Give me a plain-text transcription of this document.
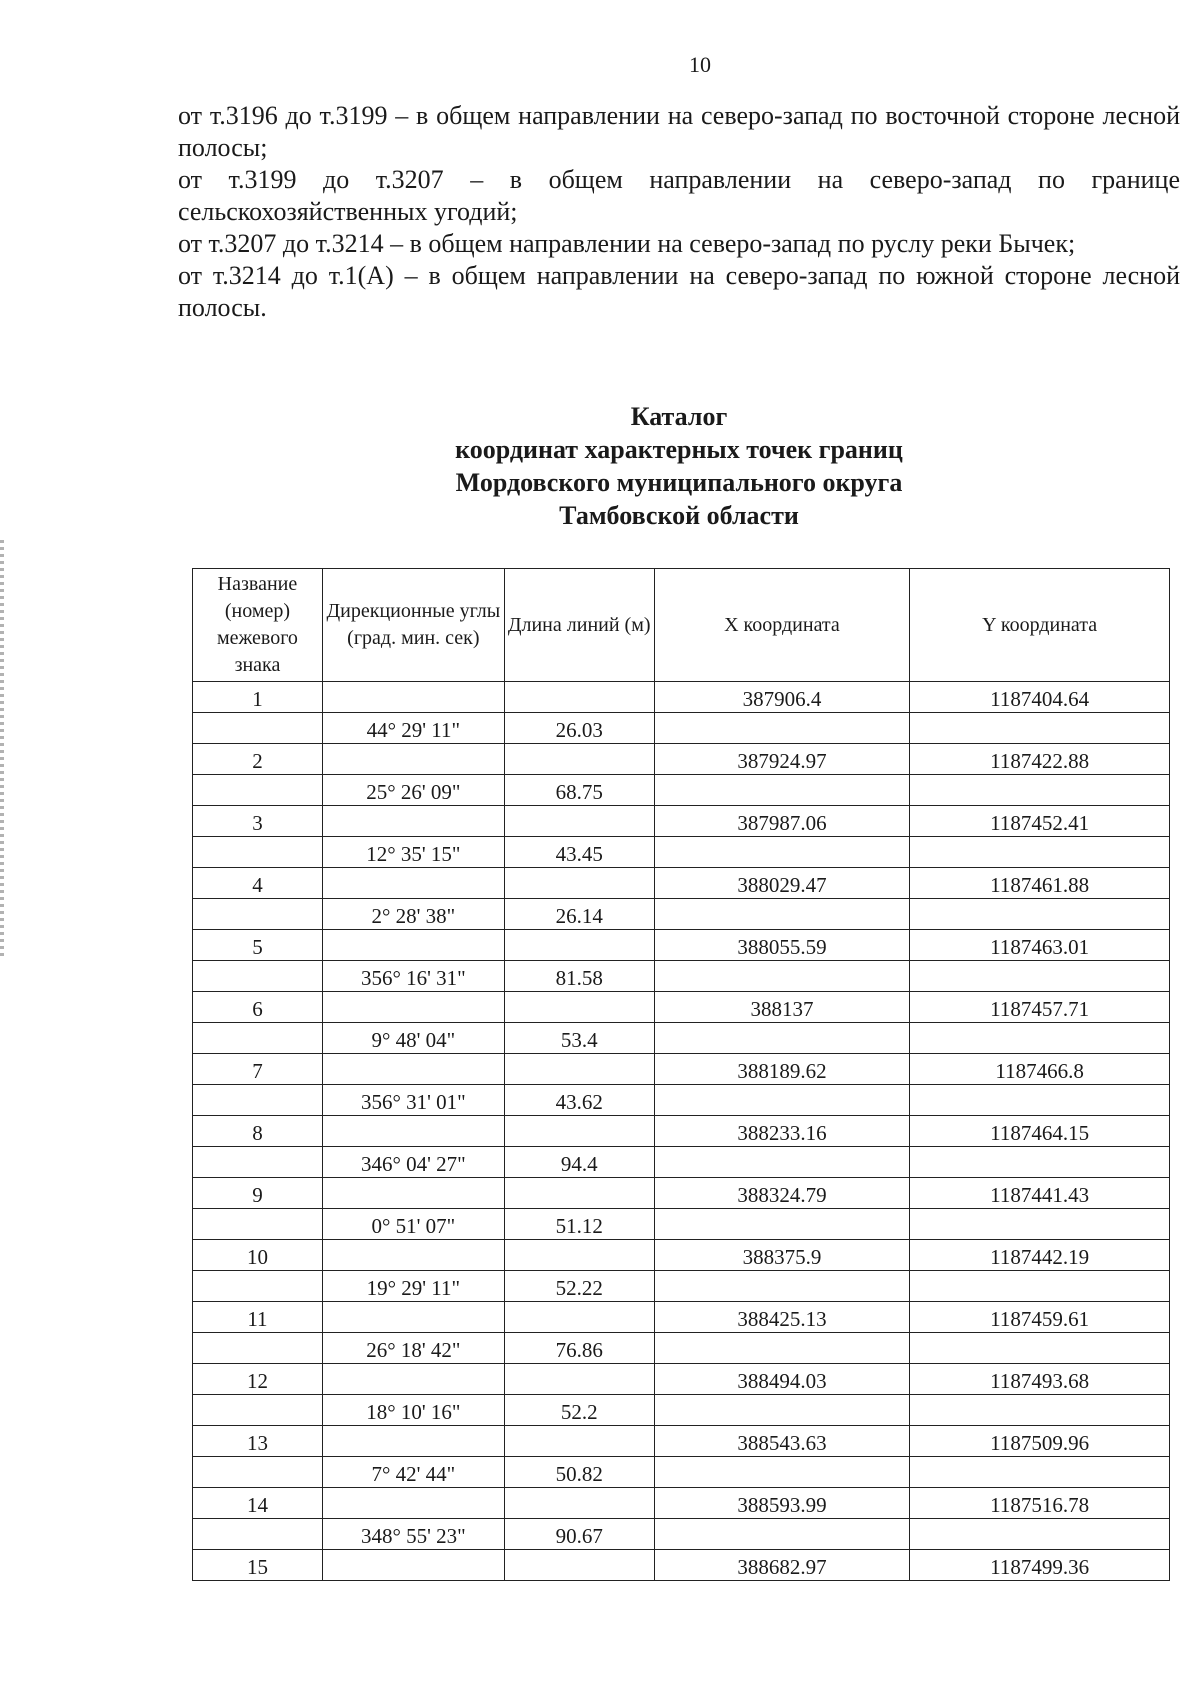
10

от т.3196 до т.3199 – в общем направлении на северо-запад по восточной стороне лесной полосы;

от т.3199 до т.3207 – в общем направлении на северо-запад по границе сельскохозяйственных угодий;

от т.3207 до т.3214 – в общем направлении на северо-запад по руслу реки Бычек;

от т.3214 до т.1(А) – в общем направлении на северо-запад по южной стороне лесной полосы.

Каталог
координат характерных точек границ
Мордовского муниципального округа
Тамбовской области
Название (номер) межевого знака	Дирекционные углы (град. мин. сек)	Длина линий (м)	X координата	Y координата
1			387906.4	1187404.64
	44° 29' 11"	26.03		
2			387924.97	1187422.88
	25° 26' 09"	68.75		
3			387987.06	1187452.41
	12° 35' 15"	43.45		
4			388029.47	1187461.88
	2° 28' 38"	26.14		
5			388055.59	1187463.01
	356° 16' 31"	81.58		
6			388137	1187457.71
	9° 48' 04"	53.4		
7			388189.62	1187466.8
	356° 31' 01"	43.62		
8			388233.16	1187464.15
	346° 04' 27"	94.4		
9			388324.79	1187441.43
	0° 51' 07"	51.12		
10			388375.9	1187442.19
	19° 29' 11"	52.22		
11			388425.13	1187459.61
	26° 18' 42"	76.86		
12			388494.03	1187493.68
	18° 10' 16"	52.2		
13			388543.63	1187509.96
	7° 42' 44"	50.82		
14			388593.99	1187516.78
	348° 55' 23"	90.67		
15			388682.97	1187499.36
